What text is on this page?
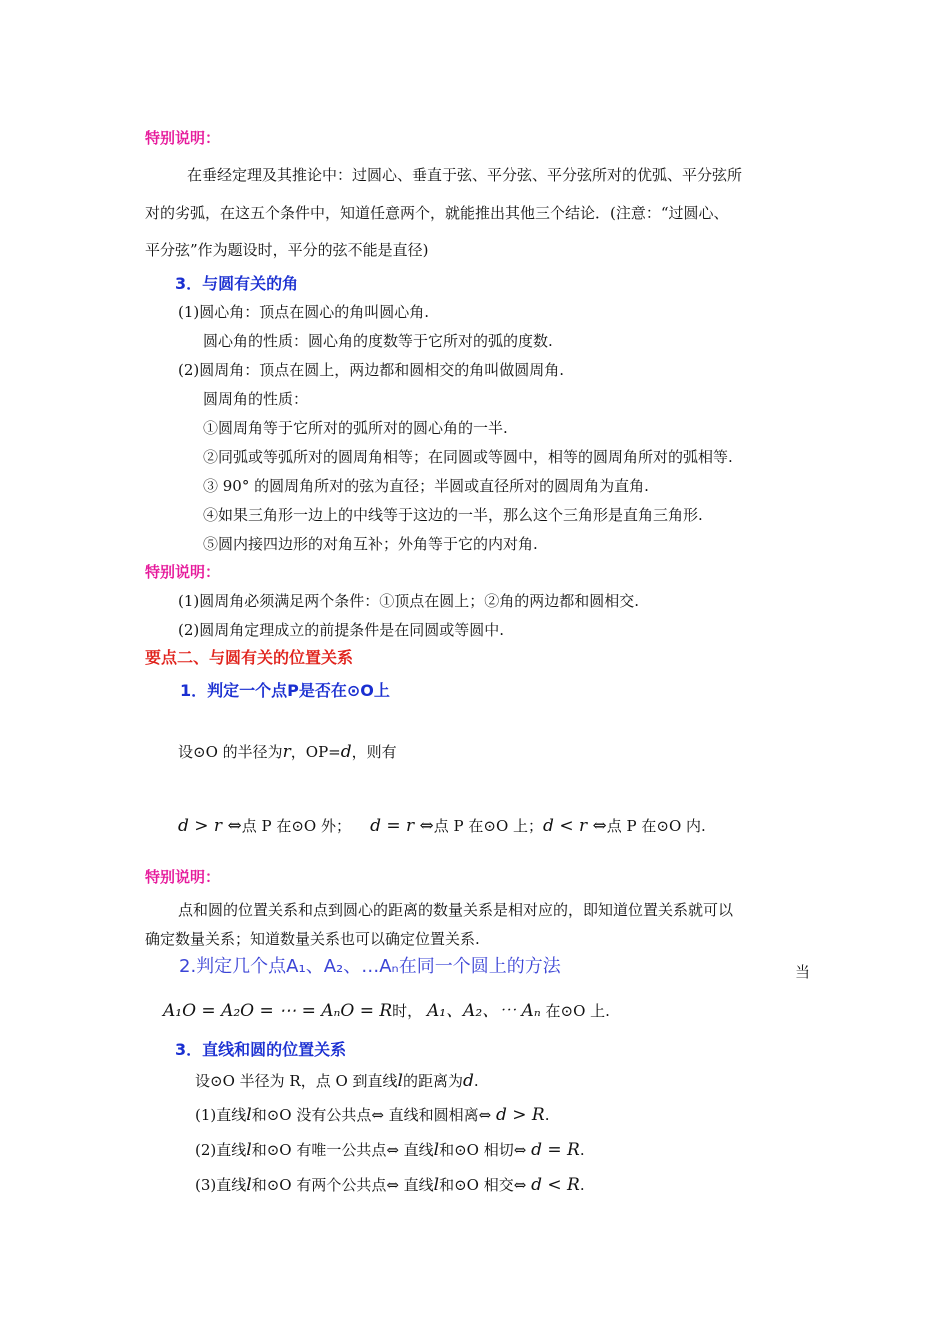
特别说明：
在垂经定理及其推论中：过圆心、垂直于弦、平分弦、平分弦所对的优弧、平分弦所
对的劣弧，在这五个条件中，知道任意两个，就能推出其他三个结论．(注意：“过圆心、
平分弦”作为题设时，平分的弦不能是直径)
3．与圆有关的角
(1)圆心角：顶点在圆心的角叫圆心角.
圆心角的性质：圆心角的度数等于它所对的弧的度数.
(2)圆周角：顶点在圆上，两边都和圆相交的角叫做圆周角.
圆周角的性质：
①圆周角等于它所对的弧所对的圆心角的一半.
②同弧或等弧所对的圆周角相等；在同圆或等圆中，相等的圆周角所对的弧相等.
③ 90° 的圆周角所对的弦为直径；半圆或直径所对的圆周角为直角.
④如果三角形一边上的中线等于这边的一半，那么这个三角形是直角三角形.
⑤圆内接四边形的对角互补；外角等于它的内对角.
特别说明：
(1)圆周角必须满足两个条件：①顶点在圆上；②角的两边都和圆相交.
(2)圆周角定理成立的前提条件是在同圆或等圆中.
要点二、与圆有关的位置关系
1．判定一个点P是否在⊙O上
设⊙O 的半径为r，OP=d，则有
d > r ⇔点 P 在⊙O 外； d = r ⇔点 P 在⊙O 上；d < r ⇔点 P 在⊙O 内.
特别说明：
点和圆的位置关系和点到圆心的距离的数量关系是相对应的，即知道位置关系就可以
确定数量关系；知道数量关系也可以确定位置关系.
2.判定几个点A₁、A₂、…Aₙ在同一个圆上的方法	当
A₁O = A₂O = ⋯ = AₙO = R时， A₁、A₂、⋯ Aₙ 在⊙O 上.
3．直线和圆的位置关系
设⊙O 半径为 R，点 O 到直线l的距离为d.
(1)直线l和⊙O 没有公共点⇔ 直线和圆相离⇔ d > R.
(2)直线l和⊙O 有唯一公共点⇔ 直线l和⊙O 相切⇔ d = R.
(3)直线l和⊙O 有两个公共点⇔ 直线l和⊙O 相交⇔ d < R.
